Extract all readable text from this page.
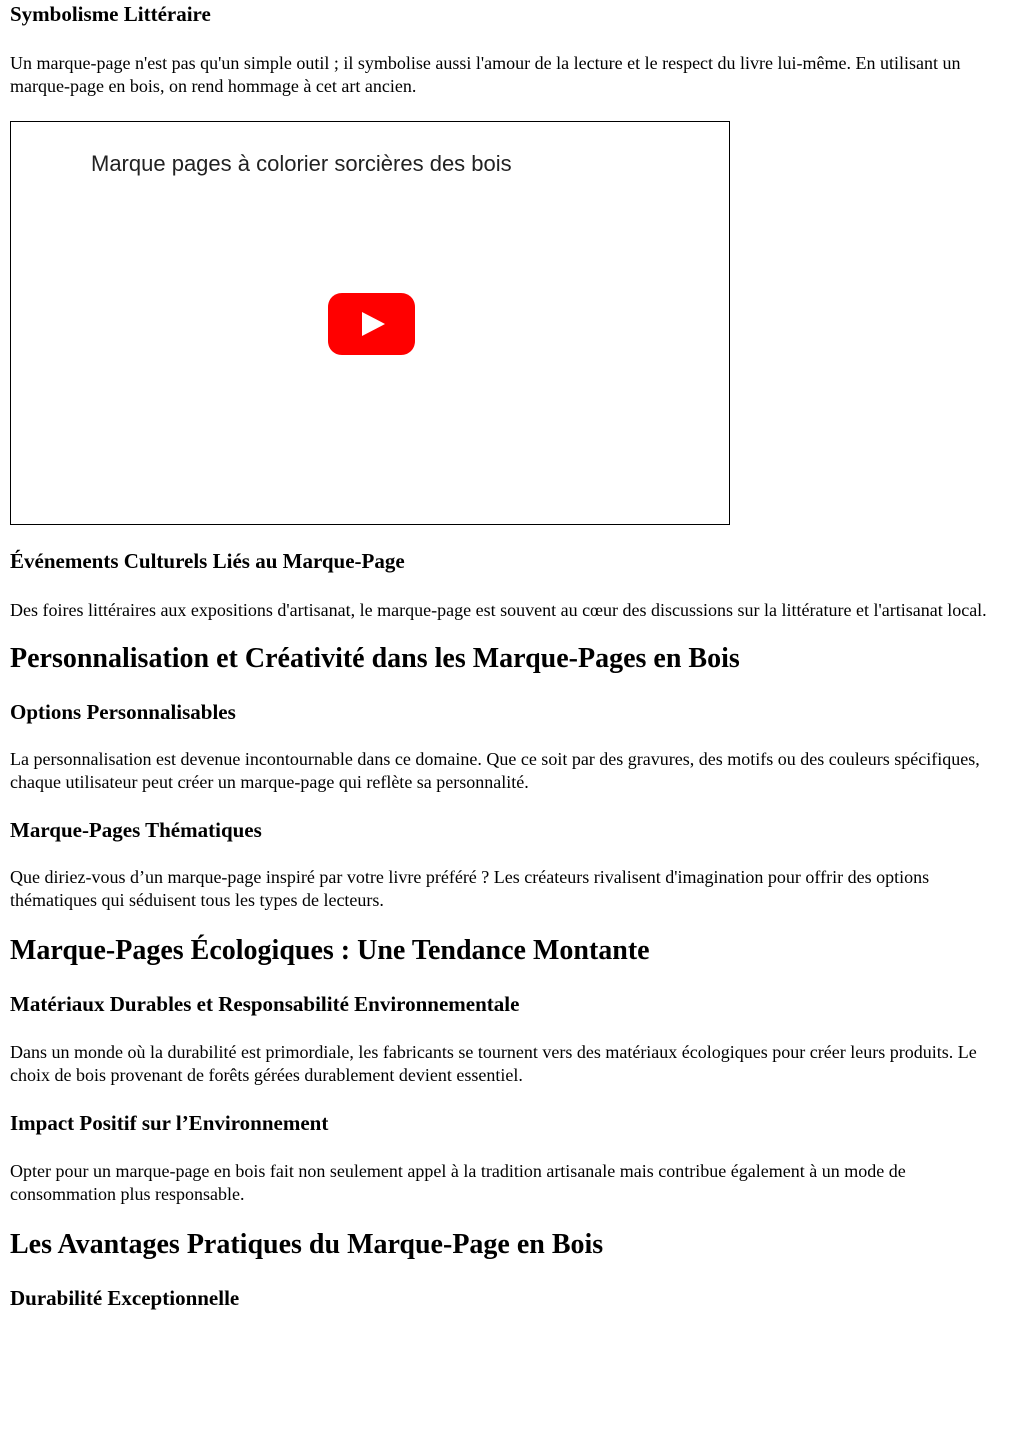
Symbolisme Littéraire

Un marque-page n'est pas qu'un simple outil ; il symbolise aussi l'amour de la lecture et le respect du livre lui-même. En utilisant un marque-page en bois, on rend hommage à cet art ancien.

Marque pages à colorier sorcières des bois
Événements Culturels Liés au Marque-Page

Des foires littéraires aux expositions d'artisanat, le marque-page est souvent au cœur des discussions sur la littérature et l'artisanat local.

Personnalisation et Créativité dans les Marque-Pages en Bois
Options Personnalisables

La personnalisation est devenue incontournable dans ce domaine. Que ce soit par des gravures, des motifs ou des couleurs spécifiques, chaque utilisateur peut créer un marque-page qui reflète sa personnalité.

Marque-Pages Thématiques

Que diriez-vous d’un marque-page inspiré par votre livre préféré ? Les créateurs rivalisent d'imagination pour offrir des options thématiques qui séduisent tous les types de lecteurs.

Marque-Pages Écologiques : Une Tendance Montante
Matériaux Durables et Responsabilité Environnementale

Dans un monde où la durabilité est primordiale, les fabricants se tournent vers des matériaux écologiques pour créer leurs produits. Le choix de bois provenant de forêts gérées durablement devient essentiel.

Impact Positif sur l’Environnement

Opter pour un marque-page en bois fait non seulement appel à la tradition artisanale mais contribue également à un mode de consommation plus responsable.

Les Avantages Pratiques du Marque-Page en Bois
Durabilité Exceptionnelle
